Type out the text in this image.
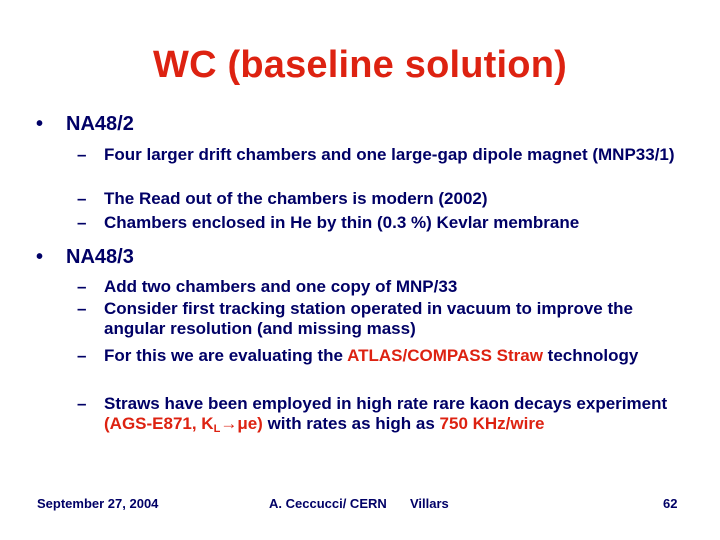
WC (baseline solution)
• NA48/2
–	Four larger drift chambers and one large-gap dipole magnet (MNP33/1)
–	The Read out of the chambers is modern (2002)
–	Chambers enclosed in He by thin (0.3 %) Kevlar membrane
• NA48/3
–	Add two chambers and one copy of MNP/33
–	Consider first tracking station operated in vacuum to improve the angular resolution (and missing mass)
–	For this we are evaluating the ATLAS/COMPASS Straw technology
–	Straws have been employed in high rate rare kaon decays experiment (AGS-E871, $K_L\to\mu e$) with rates as high as 750 KHz/wire
September 27, 2004	A. Ceccucci/ CERN Villars	62
